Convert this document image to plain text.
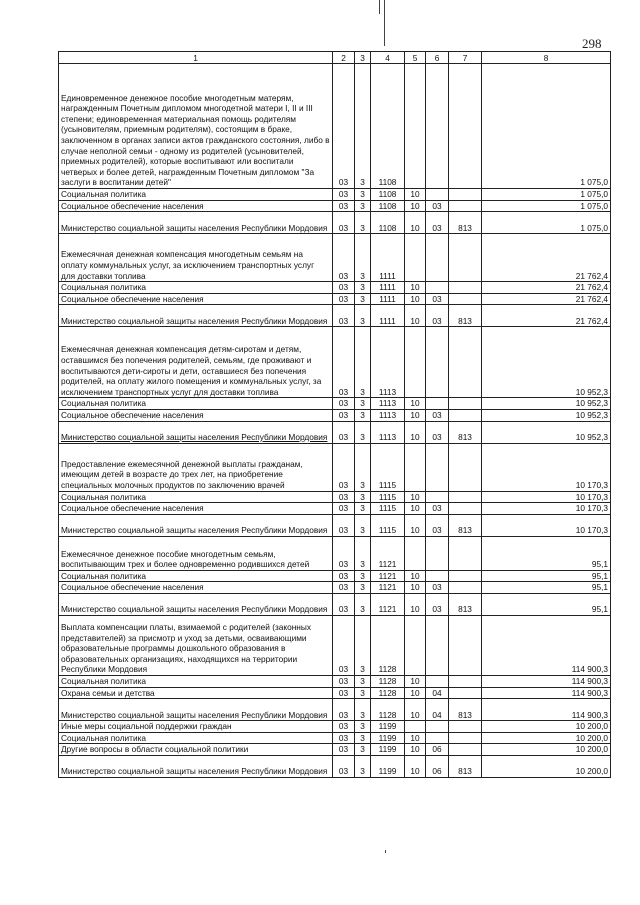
298
1	2	3	4	5	6	7	8
Единовременное денежное пособие многодетным матерям, награжденным Почетным дипломом многодетной матери I, II и III степени; единовременная материальная помощь родителям (усыновителям, приемным родителям), состоящим в браке, заключенном в органах записи актов гражданского состояния, либо в случае неполной семьи - одному из родителей (усыновителей, приемных родителей), которые воспитывают или воспитали четверых и более детей, награжденным Почетным дипломом "За заслуги в воспитании детей"	03	3	1108				1 075,0
Социальная политика	03	3	1108	10			1 075,0
Социальное обеспечение населения	03	3	1108	10	03		1 075,0
Министерство социальной защиты населения Республики Мордовия	03	3	1108	10	03	813	1 075,0
Ежемесячная денежная компенсация многодетным семьям на оплату коммунальных услуг, за исключением транспортных услуг для доставки топлива	03	3	1111				21 762,4
Социальная политика	03	3	1111	10			21 762,4
Социальное обеспечение населения	03	3	1111	10	03		21 762,4
Министерство социальной защиты населения Республики Мордовия	03	3	1111	10	03	813	21 762,4
Ежемесячная денежная компенсация детям-сиротам и детям, оставшимся без попечения родителей, семьям, где проживают и воспитываются дети-сироты и дети, оставшиеся без попечения родителей, на оплату жилого помещения и коммунальных услуг, за исключением транспортных услуг для доставки топлива	03	3	1113				10 952,3
Социальная политика	03	3	1113	10			10 952,3
Социальное обеспечение населения	03	3	1113	10	03		10 952,3
Министерство социальной защиты населения Республики Мордовия	03	3	1113	10	03	813	10 952,3
Предоставление ежемесячной денежной выплаты гражданам, имеющим детей в возрасте до трех лет, на приобретение специальных молочных продуктов по заключению врачей	03	3	1115				10 170,3
Социальная политика	03	3	1115	10			10 170,3
Социальное обеспечение населения	03	3	1115	10	03		10 170,3
Министерство социальной защиты населения Республики Мордовия	03	3	1115	10	03	813	10 170,3
Ежемесячное денежное пособие многодетным семьям, воспитывающим трех и более одновременно родившихся детей	03	3	1121				95,1
Социальная политика	03	3	1121	10			95,1
Социальное обеспечение населения	03	3	1121	10	03		95,1
Министерство социальной защиты населения Республики Мордовия	03	3	1121	10	03	813	95,1
Выплата компенсации платы, взимаемой с родителей (законных представителей) за присмотр и уход за детьми, осваивающими образовательные программы дошкольного образования в образовательных организациях, находящихся на территории Республики Мордовия	03	3	1128				114 900,3
Социальная политика	03	3	1128	10			114 900,3
Охрана семьи и детства	03	3	1128	10	04		114 900,3
Министерство социальной защиты населения Республики Мордовия	03	3	1128	10	04	813	114 900,3
Иные меры социальной поддержки граждан	03	3	1199				10 200,0
Социальная политика	03	3	1199	10			10 200,0
Другие вопросы в области социальной политики	03	3	1199	10	06		10 200,0
Министерство социальной защиты населения Республики Мордовия	03	3	1199	10	06	813	10 200,0
